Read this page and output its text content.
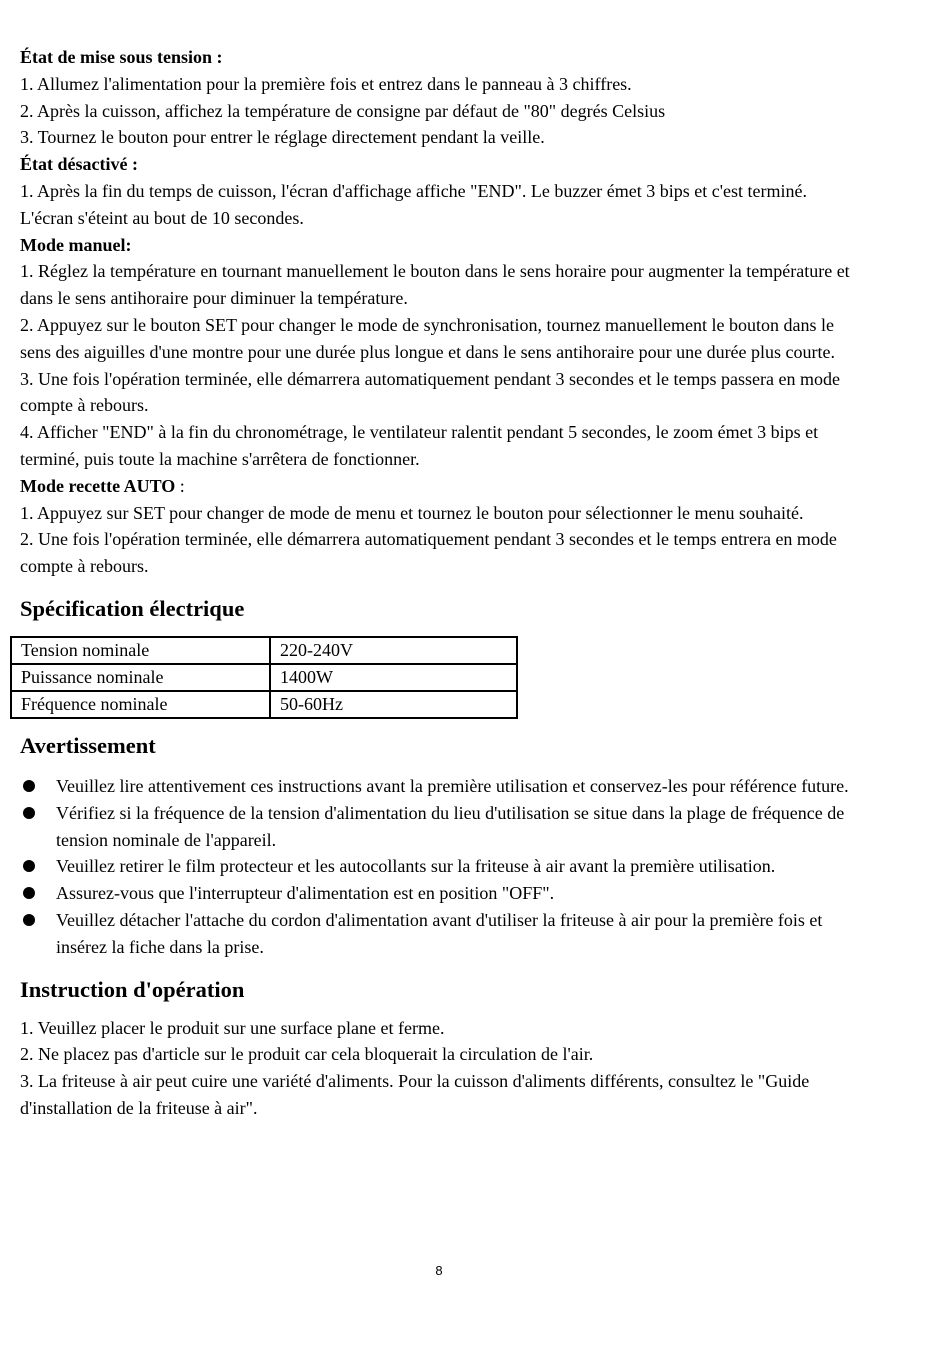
État de mise sous tension :

1. Allumez l'alimentation pour la première fois et entrez dans le panneau à 3 chiffres.

2. Après la cuisson, affichez la température de consigne par défaut de "80" degrés Celsius

3. Tournez le bouton pour entrer le réglage directement pendant la veille.

État désactivé :

1. Après la fin du temps de cuisson, l'écran d'affichage affiche "END". Le buzzer émet 3 bips et c'est terminé. L'écran s'éteint au bout de 10 secondes.

Mode manuel:

1. Réglez la température en tournant manuellement le bouton dans le sens horaire pour augmenter la température et dans le sens antihoraire pour diminuer la température.

2. Appuyez sur le bouton SET pour changer le mode de synchronisation, tournez manuellement le bouton dans le sens des aiguilles d'une montre pour une durée plus longue et dans le sens antihoraire pour une durée plus courte.

3. Une fois l'opération terminée, elle démarrera automatiquement pendant 3 secondes et le temps passera en mode compte à rebours.

4. Afficher "END" à la fin du chronométrage, le ventilateur ralentit pendant 5 secondes, le zoom émet 3 bips et terminé, puis toute la machine s'arrêtera de fonctionner.

Mode recette AUTO :

1. Appuyez sur SET pour changer de mode de menu et tournez le bouton pour sélectionner le menu souhaité.

2. Une fois l'opération terminée, elle démarrera automatiquement pendant 3 secondes et le temps entrera en mode compte à rebours.

Spécification électrique
Tension nominale	220-240V
Puissance nominale	1400W
Fréquence nominale	50-60Hz
Avertissement
Veuillez lire attentivement ces instructions avant la première utilisation et conservez-les pour référence future.
Vérifiez si la fréquence de la tension d'alimentation du lieu d'utilisation se situe dans la plage de fréquence de tension nominale de l'appareil.
Veuillez retirer le film protecteur et les autocollants sur la friteuse à air avant la première utilisation.
Assurez-vous que l'interrupteur d'alimentation est en position "OFF".
Veuillez détacher l'attache du cordon d'alimentation avant d'utiliser la friteuse à air pour la première fois et insérez la fiche dans la prise.
Instruction d'opération

1. Veuillez placer le produit sur une surface plane et ferme.

2. Ne placez pas d'article sur le produit car cela bloquerait la circulation de l'air.

3. La friteuse à air peut cuire une variété d'aliments. Pour la cuisson d'aliments différents, consultez le "Guide d'installation de la friteuse à air".

8
